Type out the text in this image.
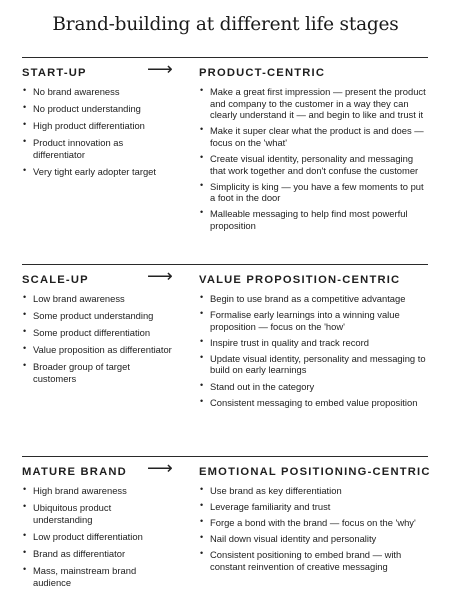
Brand-building at different life stages
START-UP	⟶ PRODUCT-CENTRIC
• No brand awareness
• No product understanding
• High product differentiation
• Product innovation as differentiator
• Very tight early adopter target
• Make a great first impression — present the product and company to the customer in a way they can clearly understand it — and begin to like and trust it
• Make it super clear what the product is and does — focus on the 'what'
• Create visual identity, personality and messaging that work together and don't confuse the customer
• Simplicity is king — you have a few moments to put a foot in the door
• Malleable messaging to help find most powerful proposition
SCALE-UP	⟶ VALUE PROPOSITION-CENTRIC
• Low brand awareness
• Some product understanding
• Some product differentiation
• Value proposition as differentiator
• Broader group of target customers
• Begin to use brand as a competitive advantage
• Formalise early learnings into a winning value proposition — focus on the 'how'
• Inspire trust in quality and track record
• Update visual identity, personality and messaging to build on early learnings
• Stand out in the category
• Consistent messaging to embed value proposition
MATURE BRAND ⟶ EMOTIONAL POSITIONING-CENTRIC
• High brand awareness
• Ubiquitous product understanding
• Low product differentiation
• Brand as differentiator
• Mass, mainstream brand audience
• Use brand as key differentiation
• Leverage familiarity and trust
• Forge a bond with the brand — focus on the 'why'
• Nail down visual identity and personality
• Consistent positioning to embed brand — with constant reinvention of creative messaging
